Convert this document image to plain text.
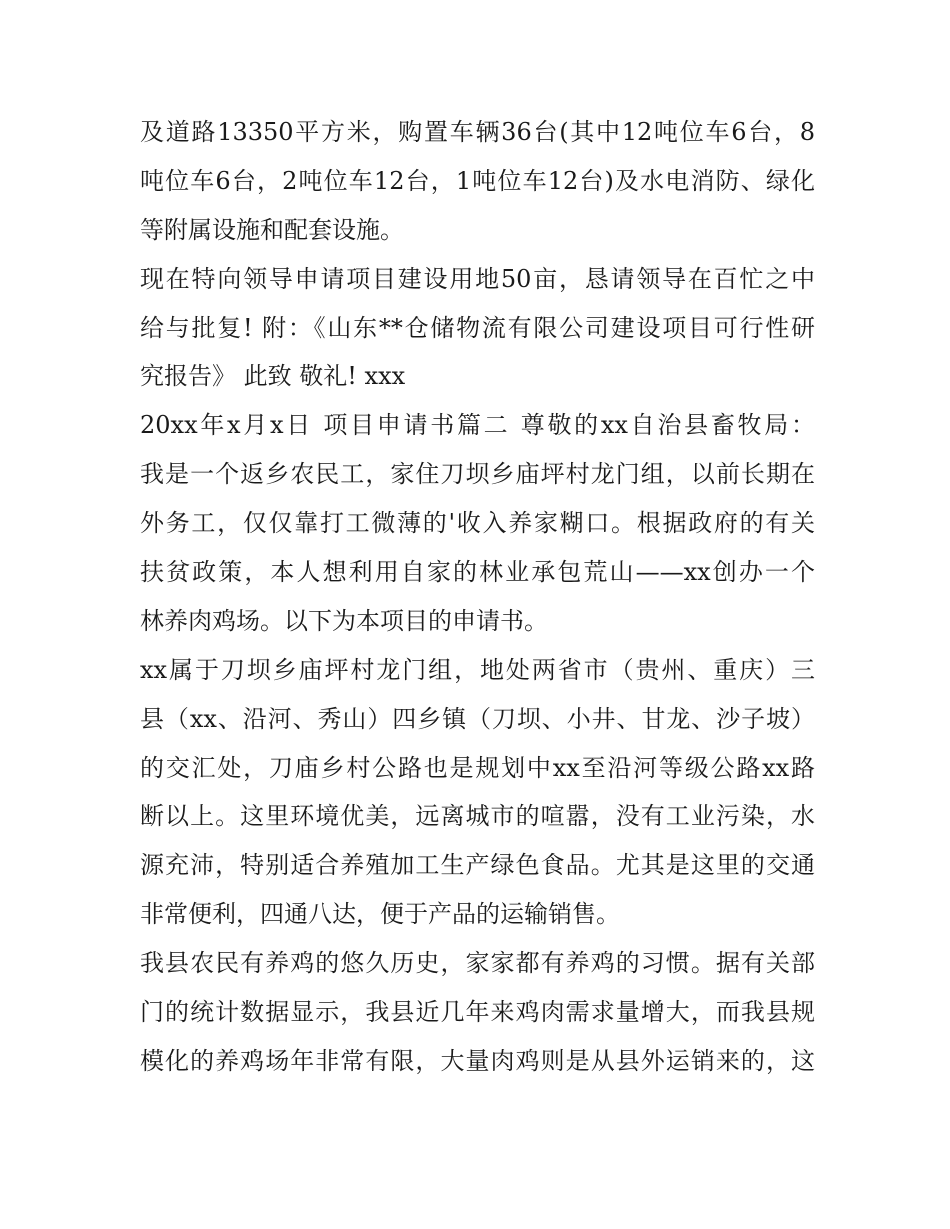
及道路13350平方米，购置车辆36台(其中12吨位车6台，8
吨位车6台，2吨位车12台，1吨位车12台)及水电消防、绿化
等附属设施和配套设施。
现在特向领导申请项目建设用地50亩，恳请领导在百忙之中
给与批复! 附：《山东**仓储物流有限公司建设项目可行性研
究报告》 此致 敬礼! xxx
20xx年x月x日 项目申请书篇二 尊敬的xx自治县畜牧局：
我是一个返乡农民工，家住刀坝乡庙坪村龙门组，以前长期在
外务工，仅仅靠打工微薄的'收入养家糊口。根据政府的有关
扶贫政策，本人想利用自家的林业承包荒山——xx创办一个
林养肉鸡场。以下为本项目的申请书。
xx属于刀坝乡庙坪村龙门组，地处两省市（贵州、重庆）三
县（xx、沿河、秀山）四乡镇（刀坝、小井、甘龙、沙子坡）
的交汇处，刀庙乡村公路也是规划中xx至沿河等级公路xx路
断以上。这里环境优美，远离城市的喧嚣，没有工业污染，水
源充沛，特别适合养殖加工生产绿色食品。尤其是这里的交通
非常便利，四通八达，便于产品的运输销售。
我县农民有养鸡的悠久历史，家家都有养鸡的习惯。据有关部
门的统计数据显示，我县近几年来鸡肉需求量增大，而我县规
模化的养鸡场年非常有限，大量肉鸡则是从县外运销来的，这
